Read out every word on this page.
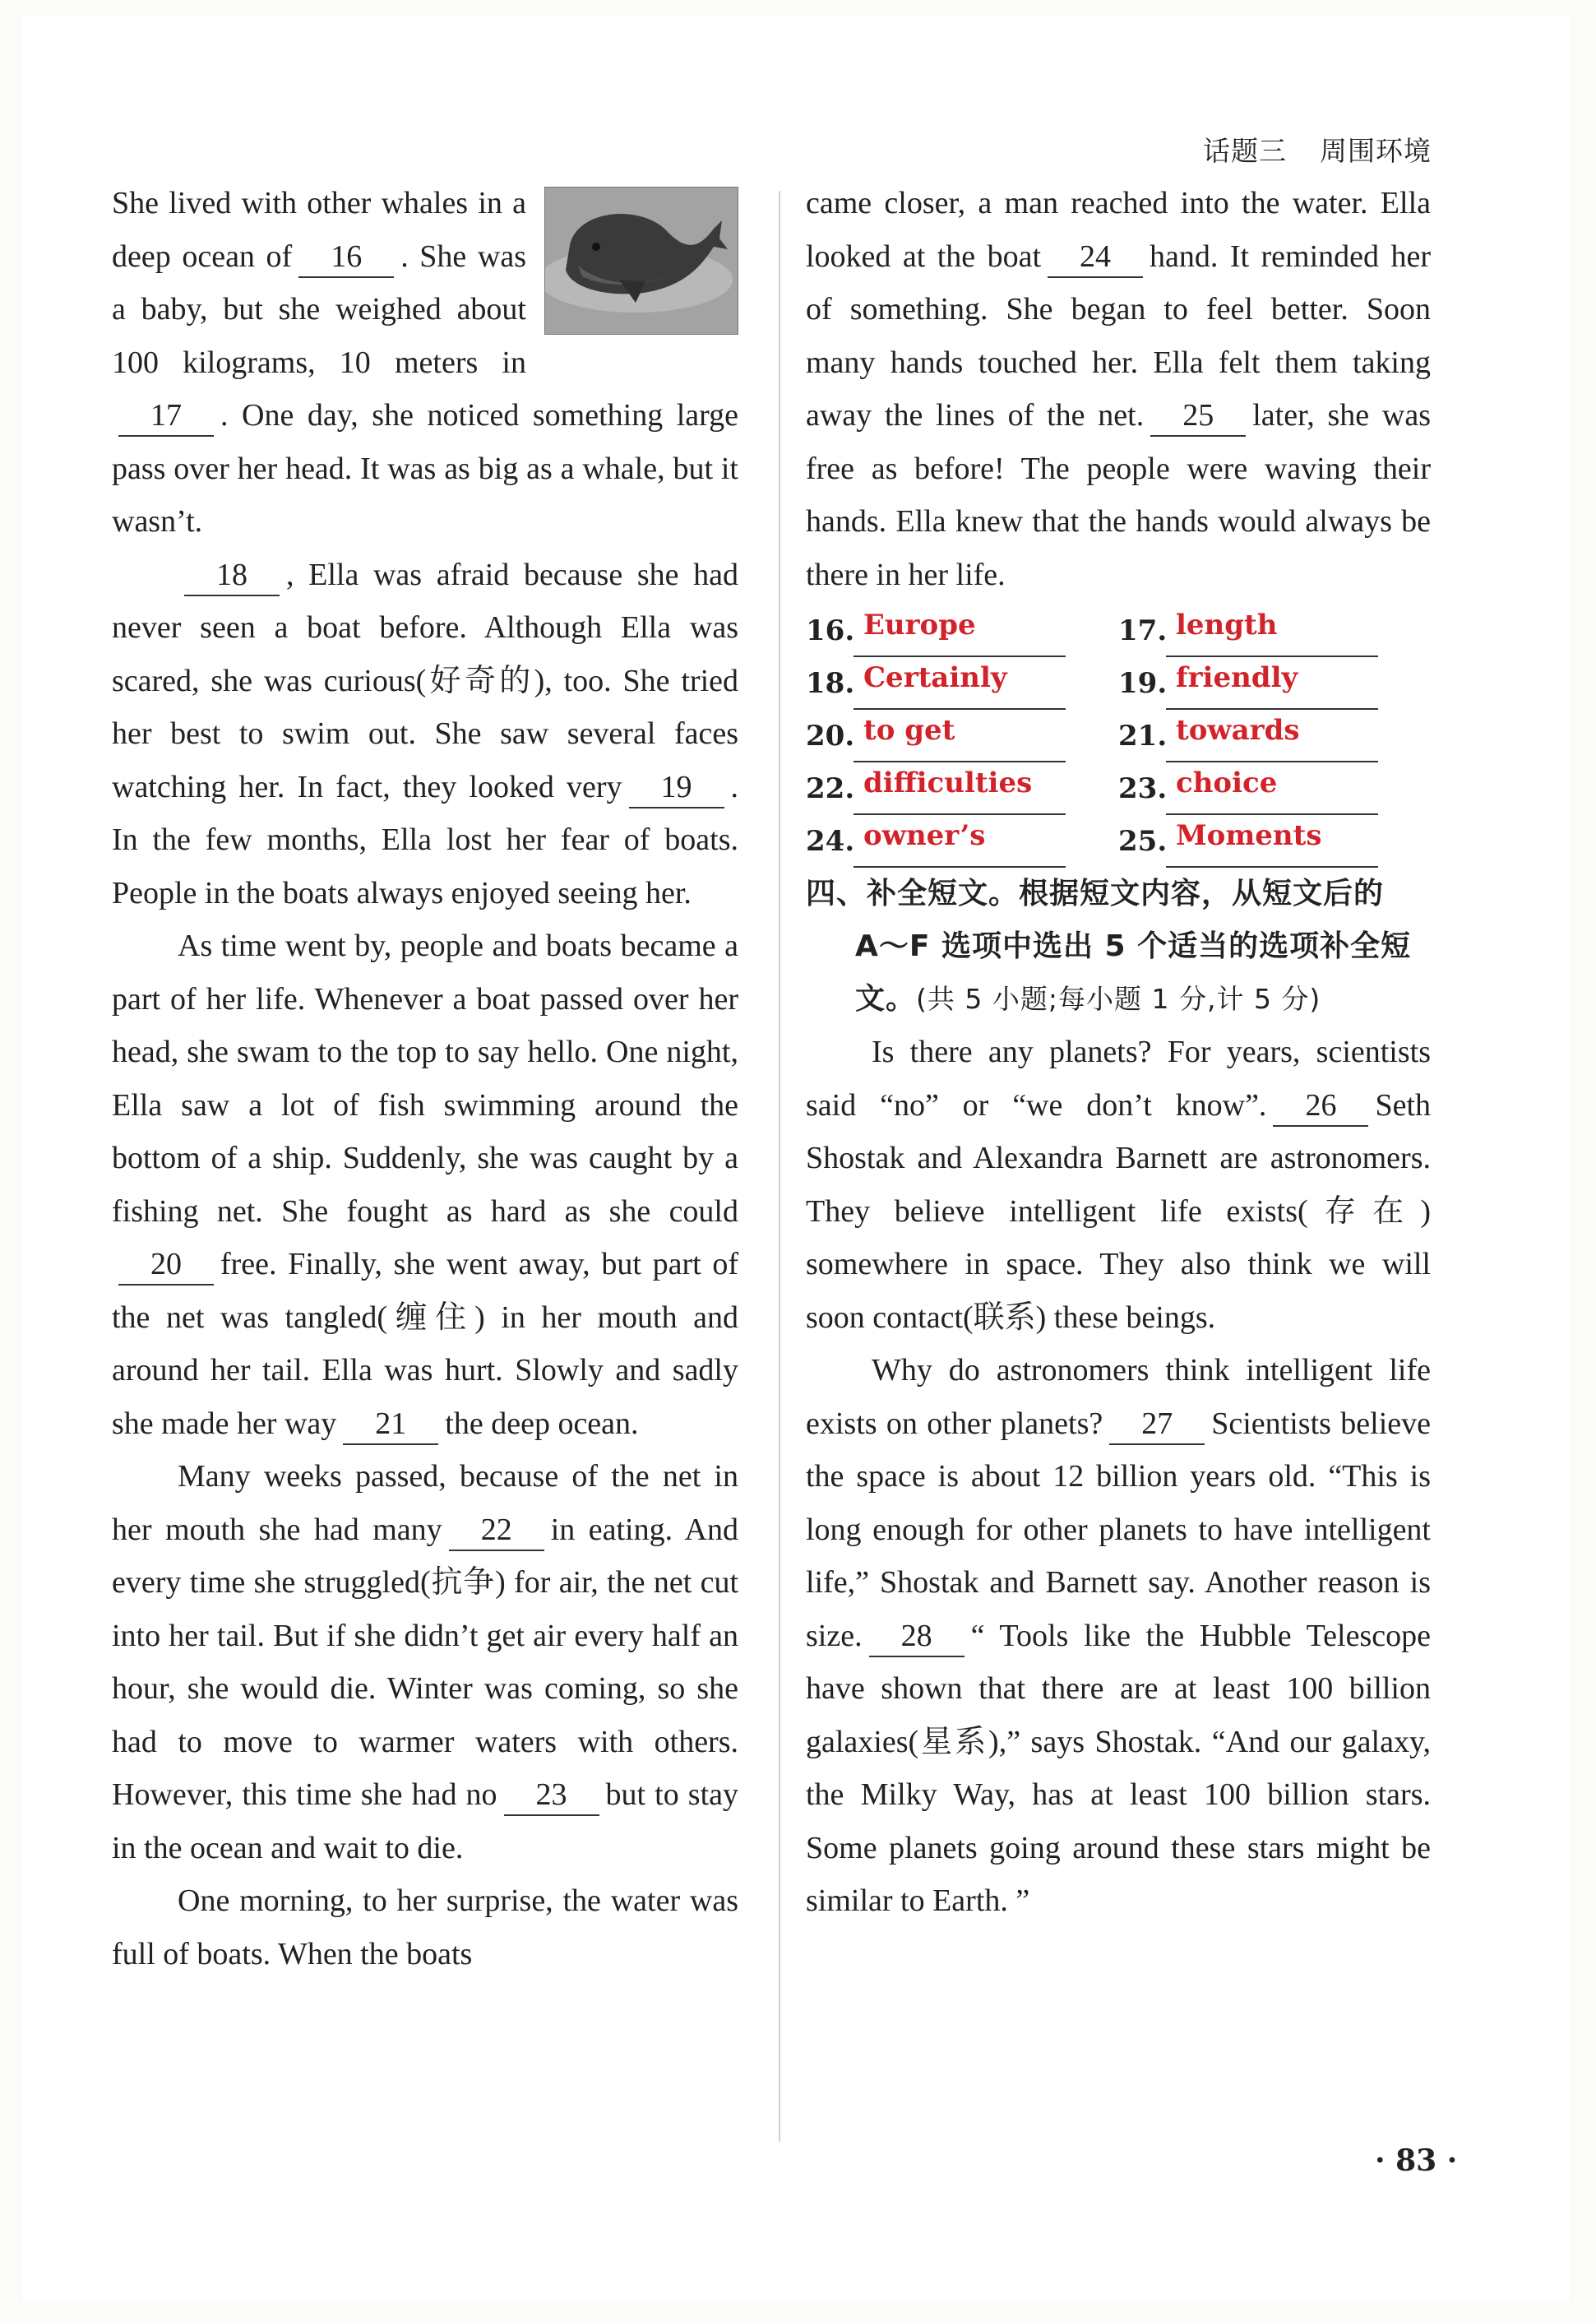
话题三 周围环境

She lived with other whales in a deep ocean of 16 . She was a baby, but she weighed about 100 kilograms, 10 meters in17 . One day, she noticed something large pass over her head. It was as big as a whale, but it wasn’t.

18 , Ella was afraid because she had never seen a boat before. Although Ella was scared, she was curious(好奇的), too. She tried her best to swim out. She saw several faces watching her. In fact, they looked very 19 . In the few months, Ella lost her fear of boats. People in the boats always enjoyed seeing her.

As time went by, people and boats became a part of her life. Whenever a boat passed over her head, she swam to the top to say hello. One night, Ella saw a lot of fish swimming around the bottom of a ship. Suddenly, she was caught by a fishing net. She fought as hard as she could20 free. Finally, she went away, but part of the net was tangled(缠住) in her mouth and around her tail. Ella was hurt. Slowly and sadly she made her way 21 the deep ocean.

Many weeks passed, because of the net in her mouth she had many 22 in eating. And every time she struggled(抗争) for air, the net cut into her tail. But if she didn’t get air every half an hour, she would die. Winter was coming, so she had to move to warmer waters with others. However, this time she had no 23 but to stay in the ocean and wait to die.

One morning, to her surprise, the water was full of boats. When the boats

came closer, a man reached into the water. Ella looked at the boat 24 hand. It reminded her of something. She began to feel better. Soon many hands touched her. Ella felt them taking away the lines of the net. 25 later, she was free as before! The people were waving their hands. Ella knew that the hands would always be there in her life.

16. Europe	17. length
18. Certainly	19. friendly
20. to get	21. towards
22. difficulties	23. choice
24. owner’s	25. Moments
四、补全短文。根据短文内容，从短文后的
A～F 选项中选出 5 个适当的选项补全短
文。(共 5 小题;每小题 1 分,计 5 分)

Is there any planets? For years, scientists said “no” or “we don’t know”. 26 Seth Shostak and Alexandra Barnett are astronomers. They believe intelligent life exists(存在) somewhere in space. They also think we will soon contact(联系) these beings.

Why do astronomers think intelligent life exists on other planets? 27 Scientists believe the space is about 12 billion years old. “This is long enough for other planets to have intelligent life,” Shostak and Barnett say. Another reason is size. 28 “ Tools like the Hubble Telescope have shown that there are at least 100 billion galaxies(星系),” says Shostak. “And our galaxy, the Milky Way, has at least 100 billion stars. Some planets going around these stars might be similar to Earth. ”

· 83 ·
